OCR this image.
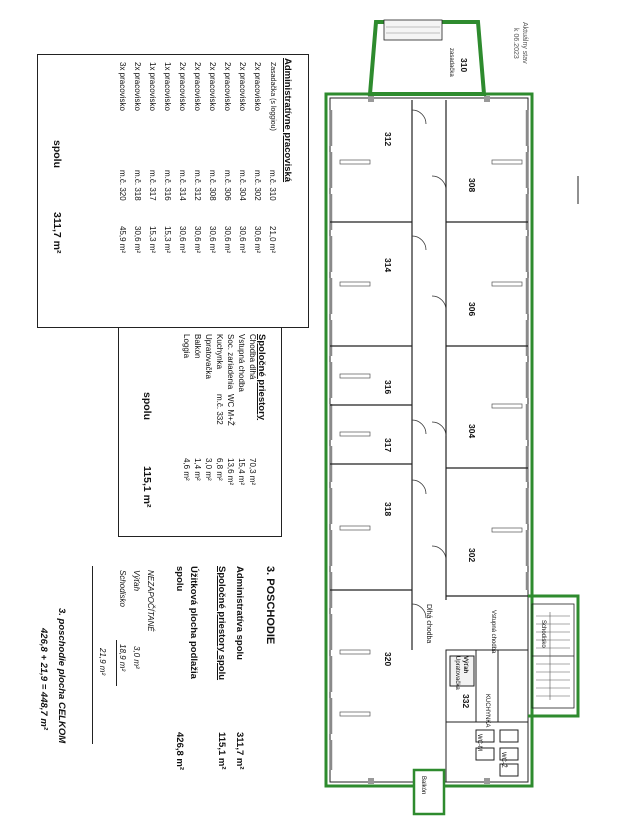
Aktuálny stav
k 06.2023
310
zasadačka
312
314
316
317
318
320
308
306
304
302
332
Dlhá chodba	Vstupná chodba
KUCHYNKA
Upratovačka Výťah
Schodisko
Balkón
WC-M
WC-Ž
Administratívne pracoviská
Zasadačka (s loggiou)
m.č. 310
21,0 m²
2x pracovisko
m.č. 302
30,6 m²
2x pracovisko
m.č. 304
30,6 m²
2x pracovisko
m.č. 306
30,6 m²
2x pracovisko
m.č. 308
30,6 m²
2x pracovisko
m.č. 312
30,6 m²
2x pracovisko
m.č. 314
30,6 m²
1x pracovisko
m.č. 316
15,3 m²
1x pracovisko
m.č. 317
15,3 m²
2x pracovisko
m.č. 318
30,6 m²
3x pracovisko
m.č. 320
45,9 m²
spolu
311,7 m²
Spoločné priestory
Chodba dlhá
70,3 m²
Vstupná chodba
15,4 m²
Soc. zariadenia
WC M+Ž
13,6 m²
Kuchynka
m.č. 332
6,8 m²
Upratovačka
3,0 m²
Balkón
1,4 m²
Loggia
4,6 m²
spolu
115,1 m²
3. POSCHODIE
Administratíva spolu
311,7 m²
Spoločné priestory spolu
115,1 m²
Úžitková plocha podlažia
spolu
426,8 m²
NEZAPOČÍTANÉ
Výťah
3,0 m²
Schodisko
18,9 m²
21,9 m²
3. poschodie plocha CELKOM
426,8 + 21,9 = 448,7 m²
